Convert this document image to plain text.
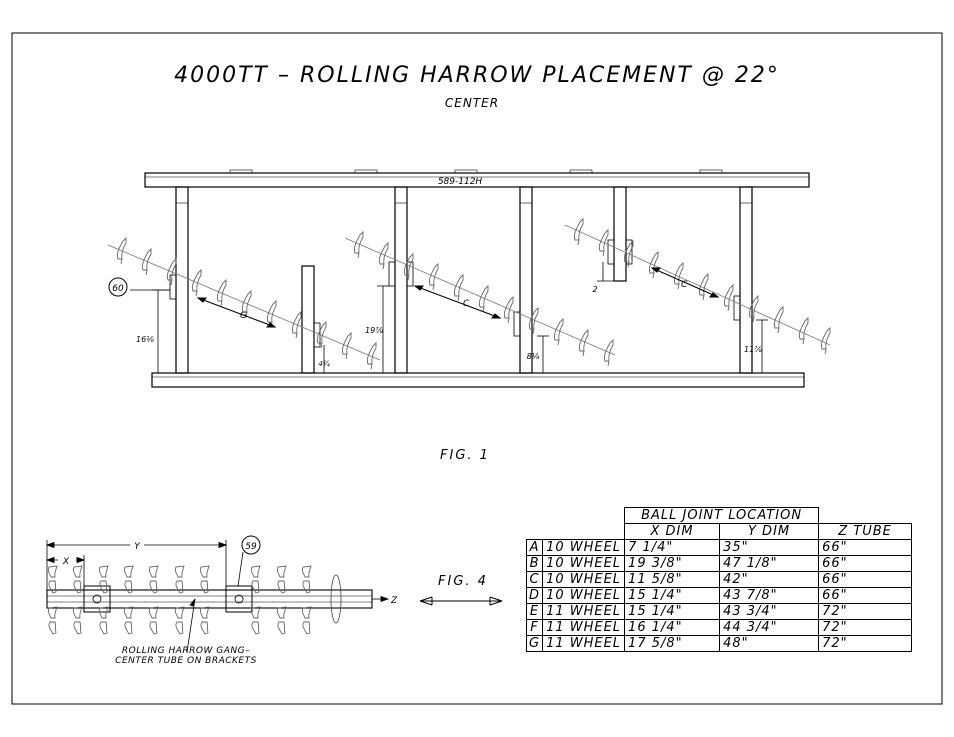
4000TT – ROLLING HARROW PLACEMENT @ 22°
CENTER
G
C
C
16⅛
19⅞
4¾
8⅛
2
11⅞
589-112H
60
FIG. 1
X
Y
Z
59
ROLLING HARROW GANG–
CENTER TUBE ON BRACKETS
FIG. 4
		BALL JOINT LOCATION		
		X DIM	Y DIM	Z TUBE
A	10 WHEEL	7 1/4"	35"	66"
B	10 WHEEL	19 3/8"	47 1/8"	66"
C	10 WHEEL	11 5/8"	42"	66"
D	10 WHEEL	15 1/4"	43 7/8"	66"
E	11 WHEEL	15 1/4"	43 3/4"	72"
F	11 WHEEL	16 1/4"	44 3/4"	72"
G	11 WHEEL	17 5/8"	48"	72"
